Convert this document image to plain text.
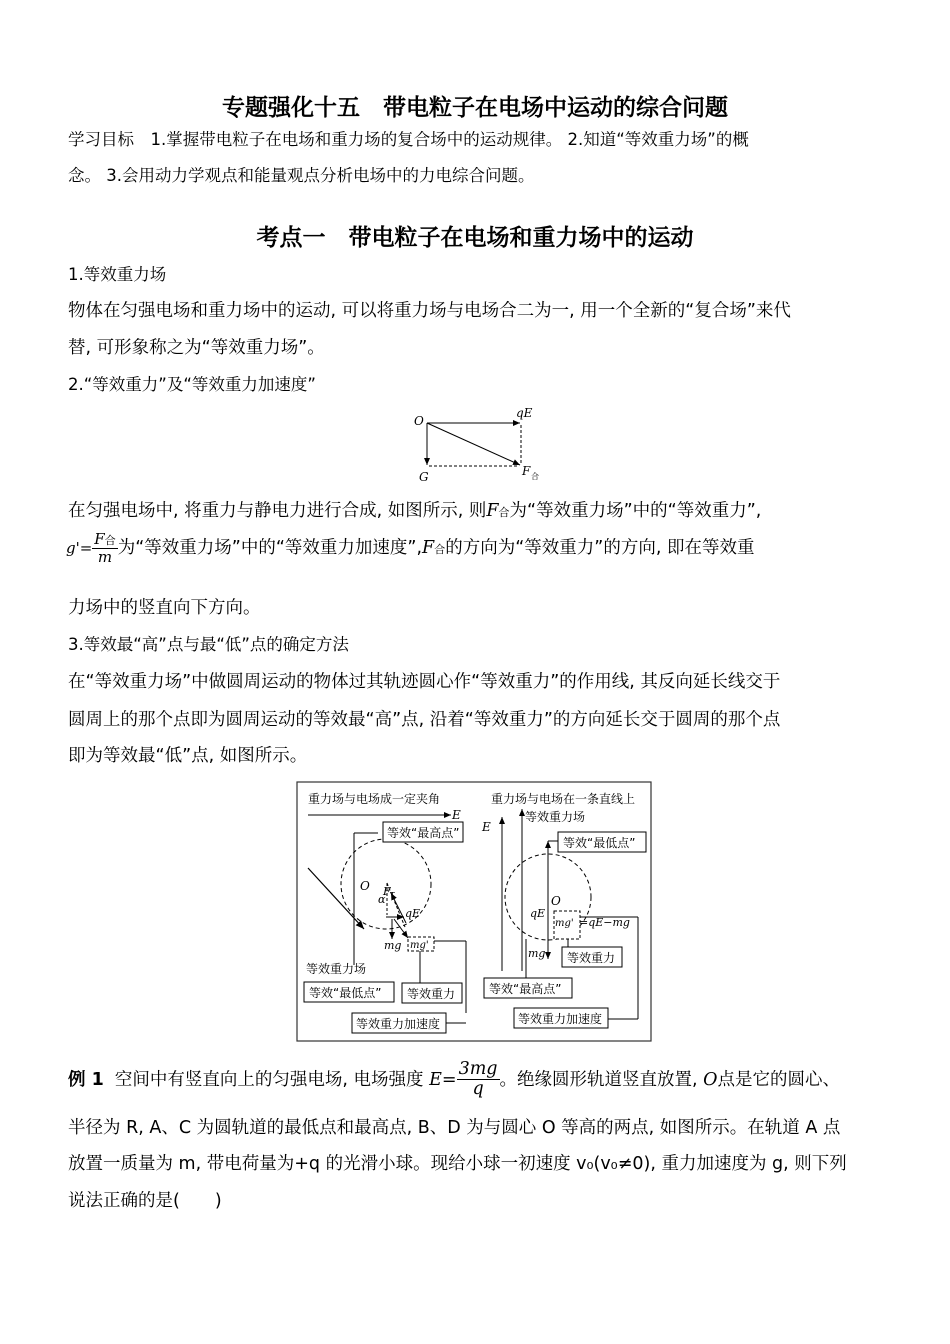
专题强化十五　带电粒子在电场中运动的综合问题
学习目标　1.掌握带电粒子在电场和重力场的复合场中的运动规律。 2.知道“等效重力场”的概
念。 3.会用动力学观点和能量观点分析电场中的力电综合问题。
考点一　带电粒子在电场和重力场中的运动
1.等效重力场
物体在匀强电场和重力场中的运动, 可以将重力场与电场合二为一, 用一个全新的“复合场”来代
替, 可形象称之为“等效重力场”。
2.“等效重力”及“等效重力加速度”
O
qE
G	F 合
在匀强电场中, 将重力与静电力进行合成, 如图所示, 则F合为“等效重力场”中的“等效重力”,
$g'= \frac{\text{F合}}{m}$ 为“等效重力场”中的“等效重力加速度”,F合的方向为“等效重力”的方向, 即在等效重
力场中的竖直向下方向。
3.等效最“高”点与最“低”点的确定方法
在“等效重力场”中做圆周运动的物体过其轨迹圆心作“等效重力”的作用线, 其反向延长线交于
圆周上的那个点即为圆周运动的等效最“高”点, 沿着“等效重力”的方向延长交于圆周的那个点
即为等效最“低”点, 如图所示。
重力场与电场成一定夹角
E
等效“最高点”
O
α
F T
qE
mg mg'
等效重力场
等效“最低点” 等效重力
等效重力加速度
重力场与电场在一条直线上
E
等效重力场
等效“最低点”
O
qE
mg
mg' =qE−mg
等效重力
等效“最高点”
等效重力加速度
例 1 空间中有竖直向上的匀强电场, 电场强度 $E= \frac{3mg}{q}$ 。绝缘圆形轨道竖直放置, O点是它的圆心、
半径为 R, A、C 为圆轨道的最低点和最高点, B、D 为与圆心 O 等高的两点, 如图所示。在轨道 A 点
放置一质量为 m, 带电荷量为+q 的光滑小球。现给小球一初速度 v₀(v₀≠0), 重力加速度为 g, 则下列
说法正确的是(　　)
